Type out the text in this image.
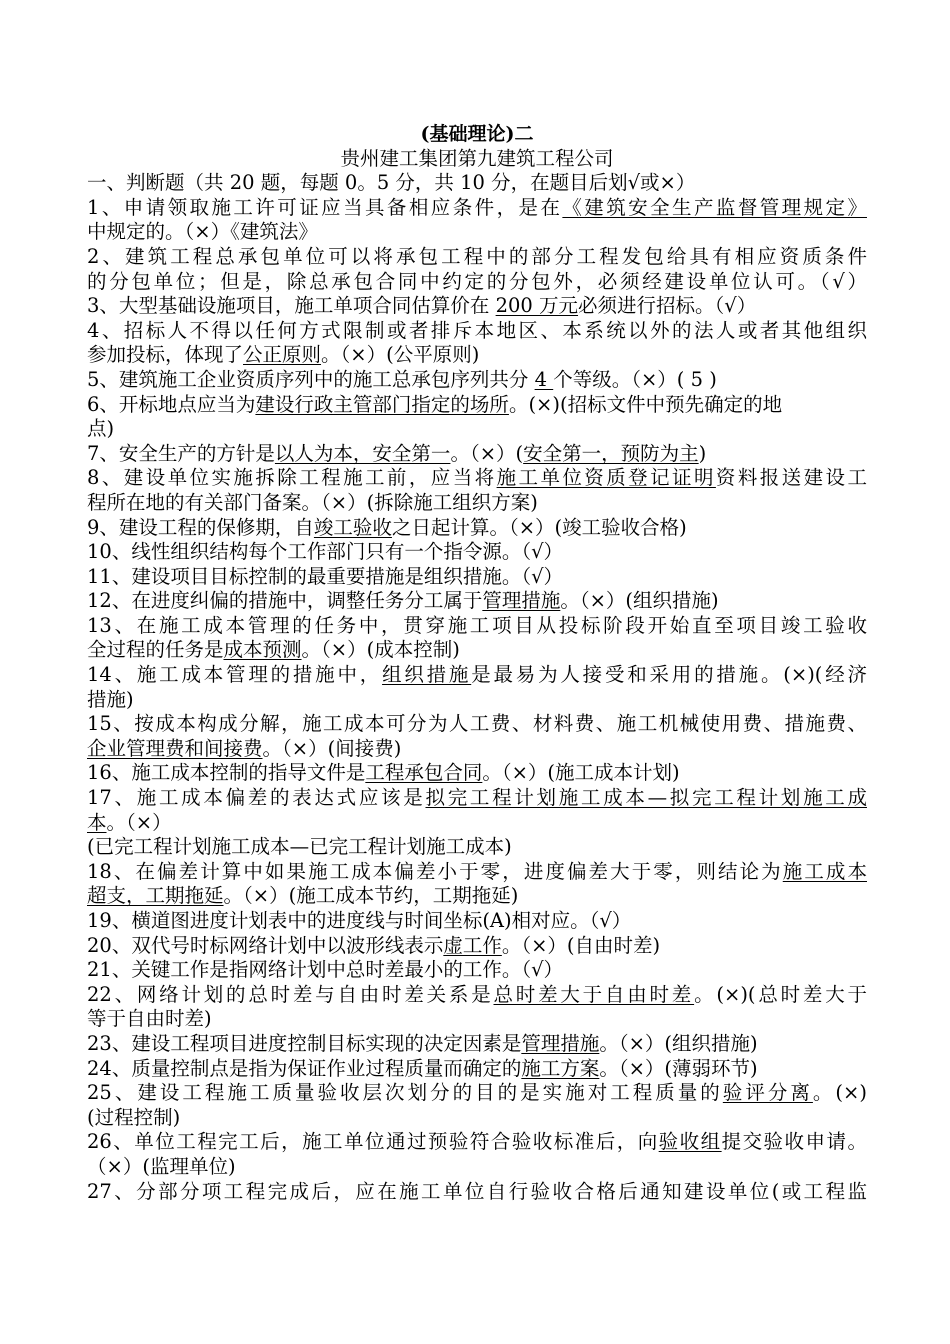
(基础理论)二
贵州建工集团第九建筑工程公司
一、判断题（共 20 题，每题 0。5 分，共 10 分，在题目后划√或×）
1、申请领取施工许可证应当具备相应条件，是在《建筑安全生产监督管理规定》
中规定的。（×）《建筑法》
2、建筑工程总承包单位可以将承包工程中的部分工程发包给具有相应资质条件
的分包单位；但是，除总承包合同中约定的分包外，必须经建设单位认可。（√）
3、大型基础设施项目，施工单项合同估算价在 200 万元必须进行招标。（√）
4、招标人不得以任何方式限制或者排斥本地区、本系统以外的法人或者其他组织
参加投标，体现了公正原则。（×）(公平原则)
5、建筑施工企业资质序列中的施工总承包序列共分 4 个等级。（×）( 5 )
6、开标地点应当为建设行政主管部门指定的场所。(×)(招标文件中预先确定的地
点)
7、安全生产的方针是以人为本，安全第一。（×）(安全第一，预防为主)
8、建设单位实施拆除工程施工前，应当将施工单位资质登记证明资料报送建设工
程所在地的有关部门备案。（×）(拆除施工组织方案)
9、建设工程的保修期，自竣工验收之日起计算。（×）(竣工验收合格)
10、线性组织结构每个工作部门只有一个指令源。（√）
11、建设项目目标控制的最重要措施是组织措施。（√）
12、在进度纠偏的措施中，调整任务分工属于管理措施。（×）(组织措施)
13、在施工成本管理的任务中，贯穿施工项目从投标阶段开始直至项目竣工验收
全过程的任务是成本预测。（×）(成本控制)
14、施工成本管理的措施中，组织措施是最易为人接受和采用的措施。(×)(经济
措施)
15、按成本构成分解，施工成本可分为人工费、材料费、施工机械使用费、措施费、
企业管理费和间接费。（×）(间接费)
16、施工成本控制的指导文件是工程承包合同。（×）(施工成本计划)
17、施工成本偏差的表达式应该是拟完工程计划施工成本—拟完工程计划施工成
本。（×）
(已完工程计划施工成本—已完工程计划施工成本)
18、在偏差计算中如果施工成本偏差小于零，进度偏差大于零，则结论为施工成本
超支，工期拖延。（×）(施工成本节约，工期拖延)
19、横道图进度计划表中的进度线与时间坐标(A)相对应。（√）
20、双代号时标网络计划中以波形线表示虚工作。（×）(自由时差)
21、关键工作是指网络计划中总时差最小的工作。（√）
22、网络计划的总时差与自由时差关系是总时差大于自由时差。(×)(总时差大于
等于自由时差)
23、建设工程项目进度控制目标实现的决定因素是管理措施。（×）(组织措施)
24、质量控制点是指为保证作业过程质量而确定的施工方案。（×）(薄弱环节)
25、建设工程施工质量验收层次划分的目的是实施对工程质量的验评分离。(×)
(过程控制)
26、单位工程完工后，施工单位通过预验符合验收标准后，向验收组提交验收申请。
（×）(监理单位)
27、分部分项工程完成后，应在施工单位自行验收合格后通知建设单位(或工程监
